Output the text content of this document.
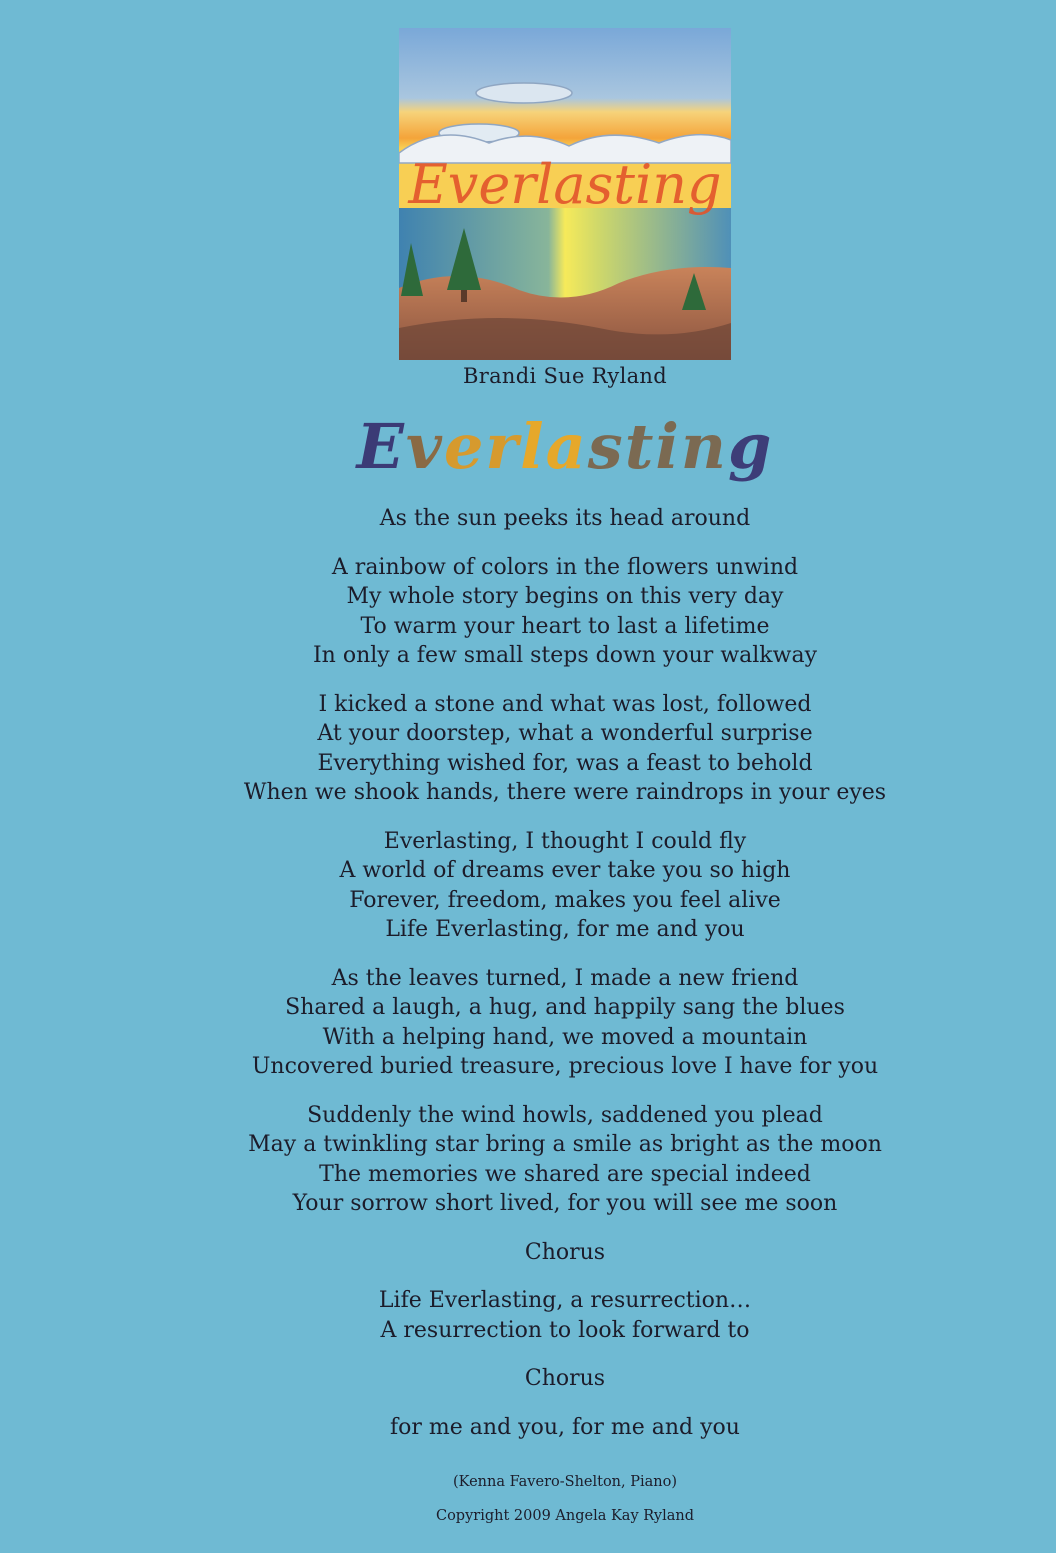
Everlasting
Brandi Sue Ryland
Everlasting
As the sun peeks its head around
A rainbow of colors in the flowers unwind
My whole story begins on this very day
To warm your heart to last a lifetime
In only a few small steps down your walkway
I kicked a stone and what was lost, followed
At your doorstep, what a wonderful surprise
Everything wished for, was a feast to behold
When we shook hands, there were raindrops in your eyes
Everlasting, I thought I could fly
A world of dreams ever take you so high
Forever, freedom, makes you feel alive
Life Everlasting, for me and you
As the leaves turned, I made a new friend
Shared a laugh, a hug, and happily sang the blues
With a helping hand, we moved a mountain
Uncovered buried treasure, precious love I have for you
Suddenly the wind howls, saddened you plead
May a twinkling star bring a smile as bright as the moon
The memories we shared are special indeed
Your sorrow short lived, for you will see me soon
Chorus
Life Everlasting, a resurrection…
A resurrection to look forward to
Chorus
for me and you, for me and you
(Kenna Favero-Shelton, Piano)
Copyright 2009 Angela Kay Ryland
